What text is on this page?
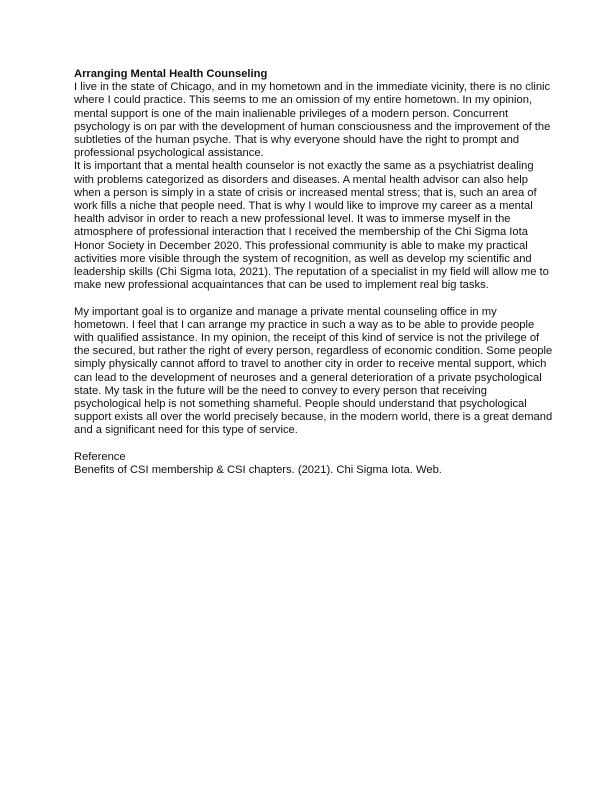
Arranging Mental Health Counseling

I live in the state of Chicago, and in my hometown and in the immediate vicinity, there is no clinic where I could practice. This seems to me an omission of my entire hometown. In my opinion, mental support is one of the main inalienable privileges of a modern person. Concurrent psychology is on par with the development of human consciousness and the improvement of the subtleties of the human psyche. That is why everyone should have the right to prompt and professional psychological assistance.

It is important that a mental health counselor is not exactly the same as a psychiatrist dealing with problems categorized as disorders and diseases. A mental health advisor can also help when a person is simply in a state of crisis or increased mental stress; that is, such an area of work fills a niche that people need. That is why I would like to improve my career as a mental health advisor in order to reach a new professional level. It was to immerse myself in the atmosphere of professional interaction that I received the membership of the Chi Sigma Iota Honor Society in December 2020. This professional community is able to make my practical activities more visible through the system of recognition, as well as develop my scientific and leadership skills (Chi Sigma Iota, 2021). The reputation of a specialist in my field will allow me to make new professional acquaintances that can be used to implement real big tasks.

My important goal is to organize and manage a private mental counseling office in my hometown. I feel that I can arrange my practice in such a way as to be able to provide people with qualified assistance. In my opinion, the receipt of this kind of service is not the privilege of the secured, but rather the right of every person, regardless of economic condition. Some people simply physically cannot afford to travel to another city in order to receive mental support, which can lead to the development of neuroses and a general deterioration of a private psychological state. My task in the future will be the need to convey to every person that receiving psychological help is not something shameful. People should understand that psychological support exists all over the world precisely because, in the modern world, there is a great demand and a significant need for this type of service.

Reference

Benefits of CSI membership & CSI chapters. (2021). Chi Sigma Iota. Web.
